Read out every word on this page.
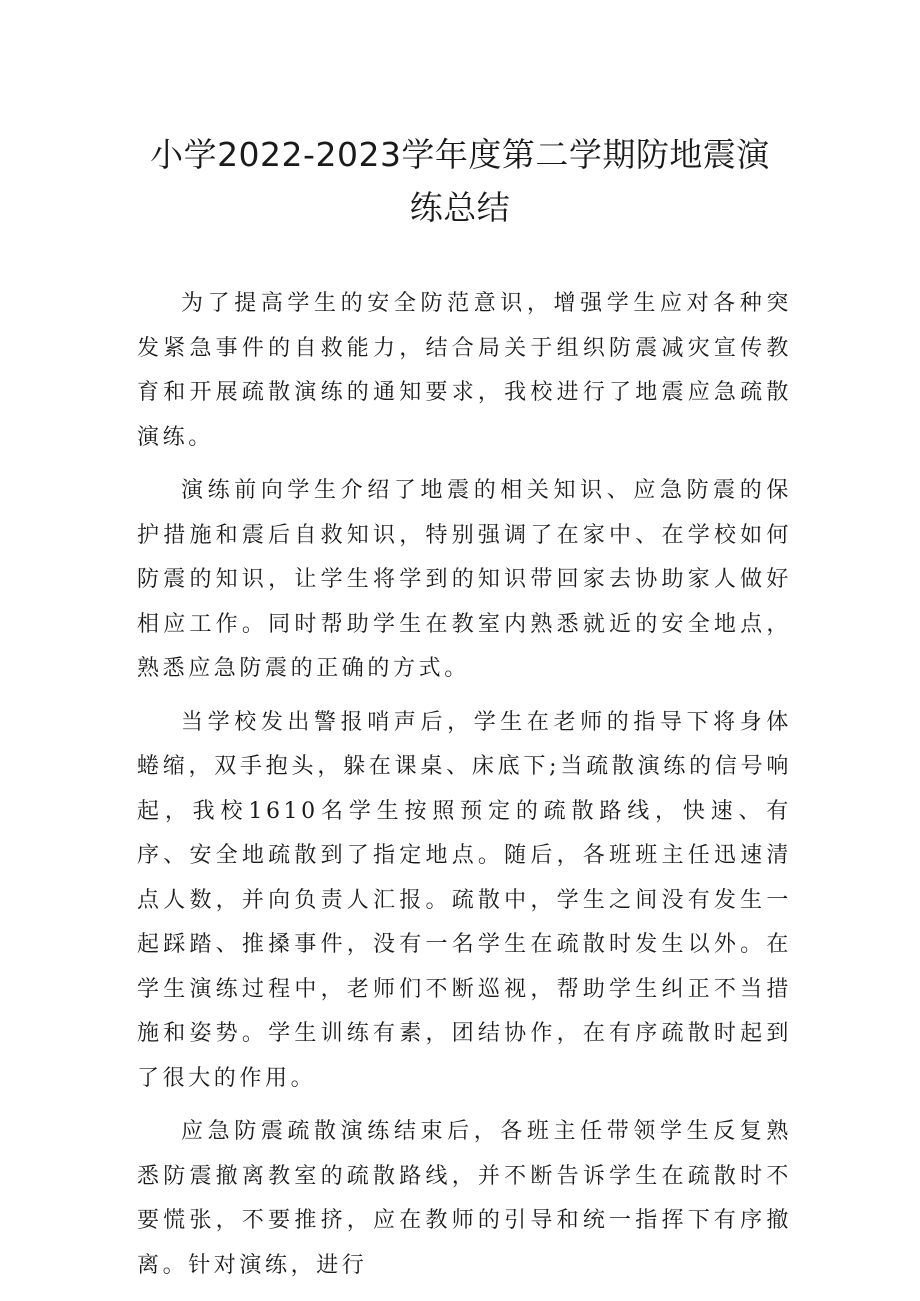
小学2022-2023学年度第二学期防地震演
练总结

为了提高学生的安全防范意识，增强学生应对各种突发紧急事件的自救能力，结合局关于组织防震减灾宣传教育和开展疏散演练的通知要求，我校进行了地震应急疏散演练。

演练前向学生介绍了地震的相关知识、应急防震的保护措施和震后自救知识，特别强调了在家中、在学校如何防震的知识，让学生将学到的知识带回家去协助家人做好相应工作。同时帮助学生在教室内熟悉就近的安全地点，熟悉应急防震的正确的方式。

当学校发出警报哨声后，学生在老师的指导下将身体蜷缩，双手抱头，躲在课桌、床底下;当疏散演练的信号响起，我校1610名学生按照预定的疏散路线，快速、有序、安全地疏散到了指定地点。随后，各班班主任迅速清点人数，并向负责人汇报。疏散中，学生之间没有发生一起踩踏、推搡事件，没有一名学生在疏散时发生以外。在学生演练过程中，老师们不断巡视，帮助学生纠正不当措施和姿势。学生训练有素，团结协作，在有序疏散时起到了很大的作用。

应急防震疏散演练结束后，各班主任带领学生反复熟悉防震撤离教室的疏散路线，并不断告诉学生在疏散时不要慌张，不要推挤，应在教师的引导和统一指挥下有序撤离。针对演练，进行
